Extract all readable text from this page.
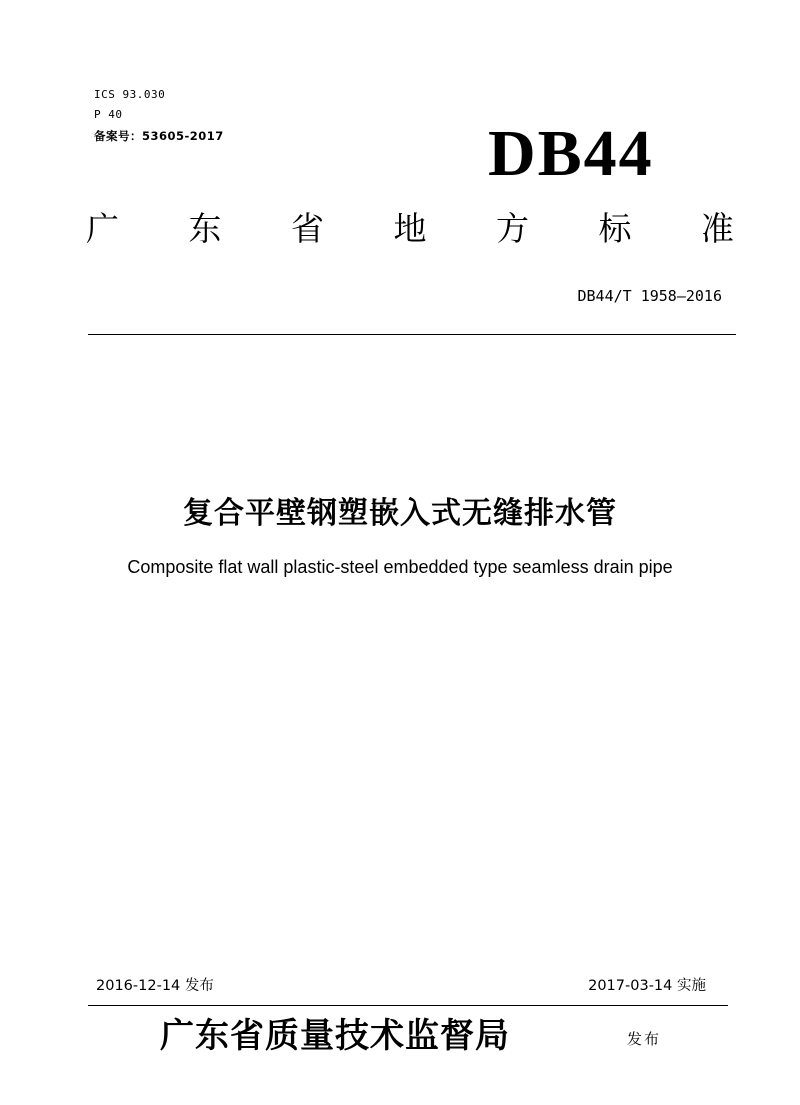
ICS 93.030
P 40
备案号：53605-2017	DB44
广 东 省 地 方 标 准
DB44/T 1958—2016
复合平壁钢塑嵌入式无缝排水管
Composite flat wall plastic-steel embedded type seamless drain pipe
2016-12-14 发布	2017-03-14 实施
广东省质量技术监督局	发布
